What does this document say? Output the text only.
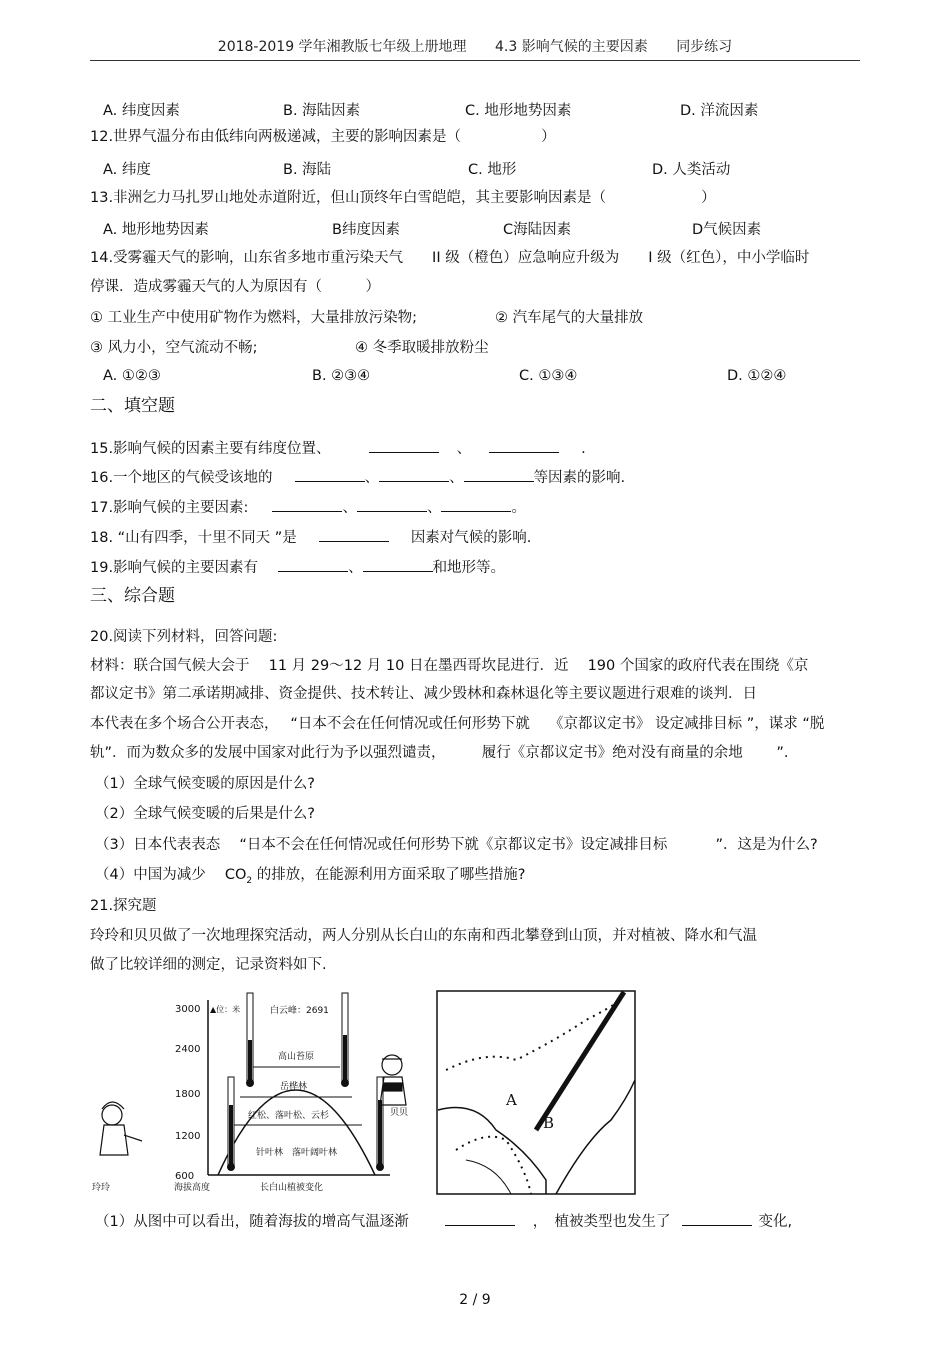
2018-2019 学年湘教版七年级上册地理 4.3 影响气候的主要因素 同步练习
A. 纬度因素	B. 海陆因素	C. 地形地势因素	D. 洋流因素
12.世界气温分布由低纬向两极递减，主要的影响因素是（	）
A. 纬度	B. 海陆	C. 地形	D. 人类活动
13.非洲乞力马扎罗山地处赤道附近，但山顶终年白雪皑皑，其主要影响因素是（	）
A. 地形地势因素	B纬度因素	C海陆因素	D气候因素
14.受雾霾天气的影响，山东省多地市重污染天气　　II 级（橙色）应急响应升级为　　I 级（红色），中小学临时
停课．造成雾霾天气的人为原因有（　　　）
① 工业生产中使用矿物作为燃料，大量排放污染物;	② 汽车尾气的大量排放
③ 风力小，空气流动不畅;	④ 冬季取暖排放粉尘
A. ①②③	B. ②③④	C. ①③④	D. ①②④
二、填空题
15.影响气候的因素主要有纬度位置、	、	.
16.一个地区的气候受该地的	、	、	等因素的影响.
17.影响气候的主要因素:	、	、	。
18. “山有四季，十里不同天 ”是	因素对气候的影响.
19.影响气候的主要因素有	、	和地形等。
三、综合题
20.阅读下列材料，回答问题:
材料：联合国气候大会于　 11 月 29～12 月 10 日在墨西哥坎昆进行．近　 190 个国家的政府代表在围绕《京
都议定书》第二承诺期减排、资金提供、技术转让、减少毁林和森林退化等主要议题进行艰难的谈判．日
本代表在多个场合公开表态，　 “日本不会在任何情况或任何形势下就　 《京都议定书》 设定减排目标 ”，谋求 “脱
轨”．而为数众多的发展中国家对此行为予以强烈谴责，　　　履行《京都议定书》绝对没有商量的余地　　 ”.
（1）全球气候变暖的原因是什么?
（2）全球气候变暖的后果是什么?
（3）日本代表表态　 “日本不会在任何情况或任何形势下就《京都议定书》设定减排目标　　　 ”．这是为什么?
（4）中国为减少　 $CO_2$ 的排放，在能源利用方面采取了哪些措施?
21.探究题
玲玲和贝贝做了一次地理探究活动，两人分别从长白山的东南和西北攀登到山顶，并对植被、降水和气温
做了比较详细的测定，记录资料如下.
3000
2400
1800
1200
600
▲位：米	白云峰：2691
高山苔原
岳桦林
红松、落叶松、云杉
针叶林　落叶阔叶林
海拔高度	长白山植被变化
玲玲
贝贝
A
B
（1）从图中可以看出，随着海拔的增高气温逐渐	，　植被类型也发生了	变化,
2 / 9
